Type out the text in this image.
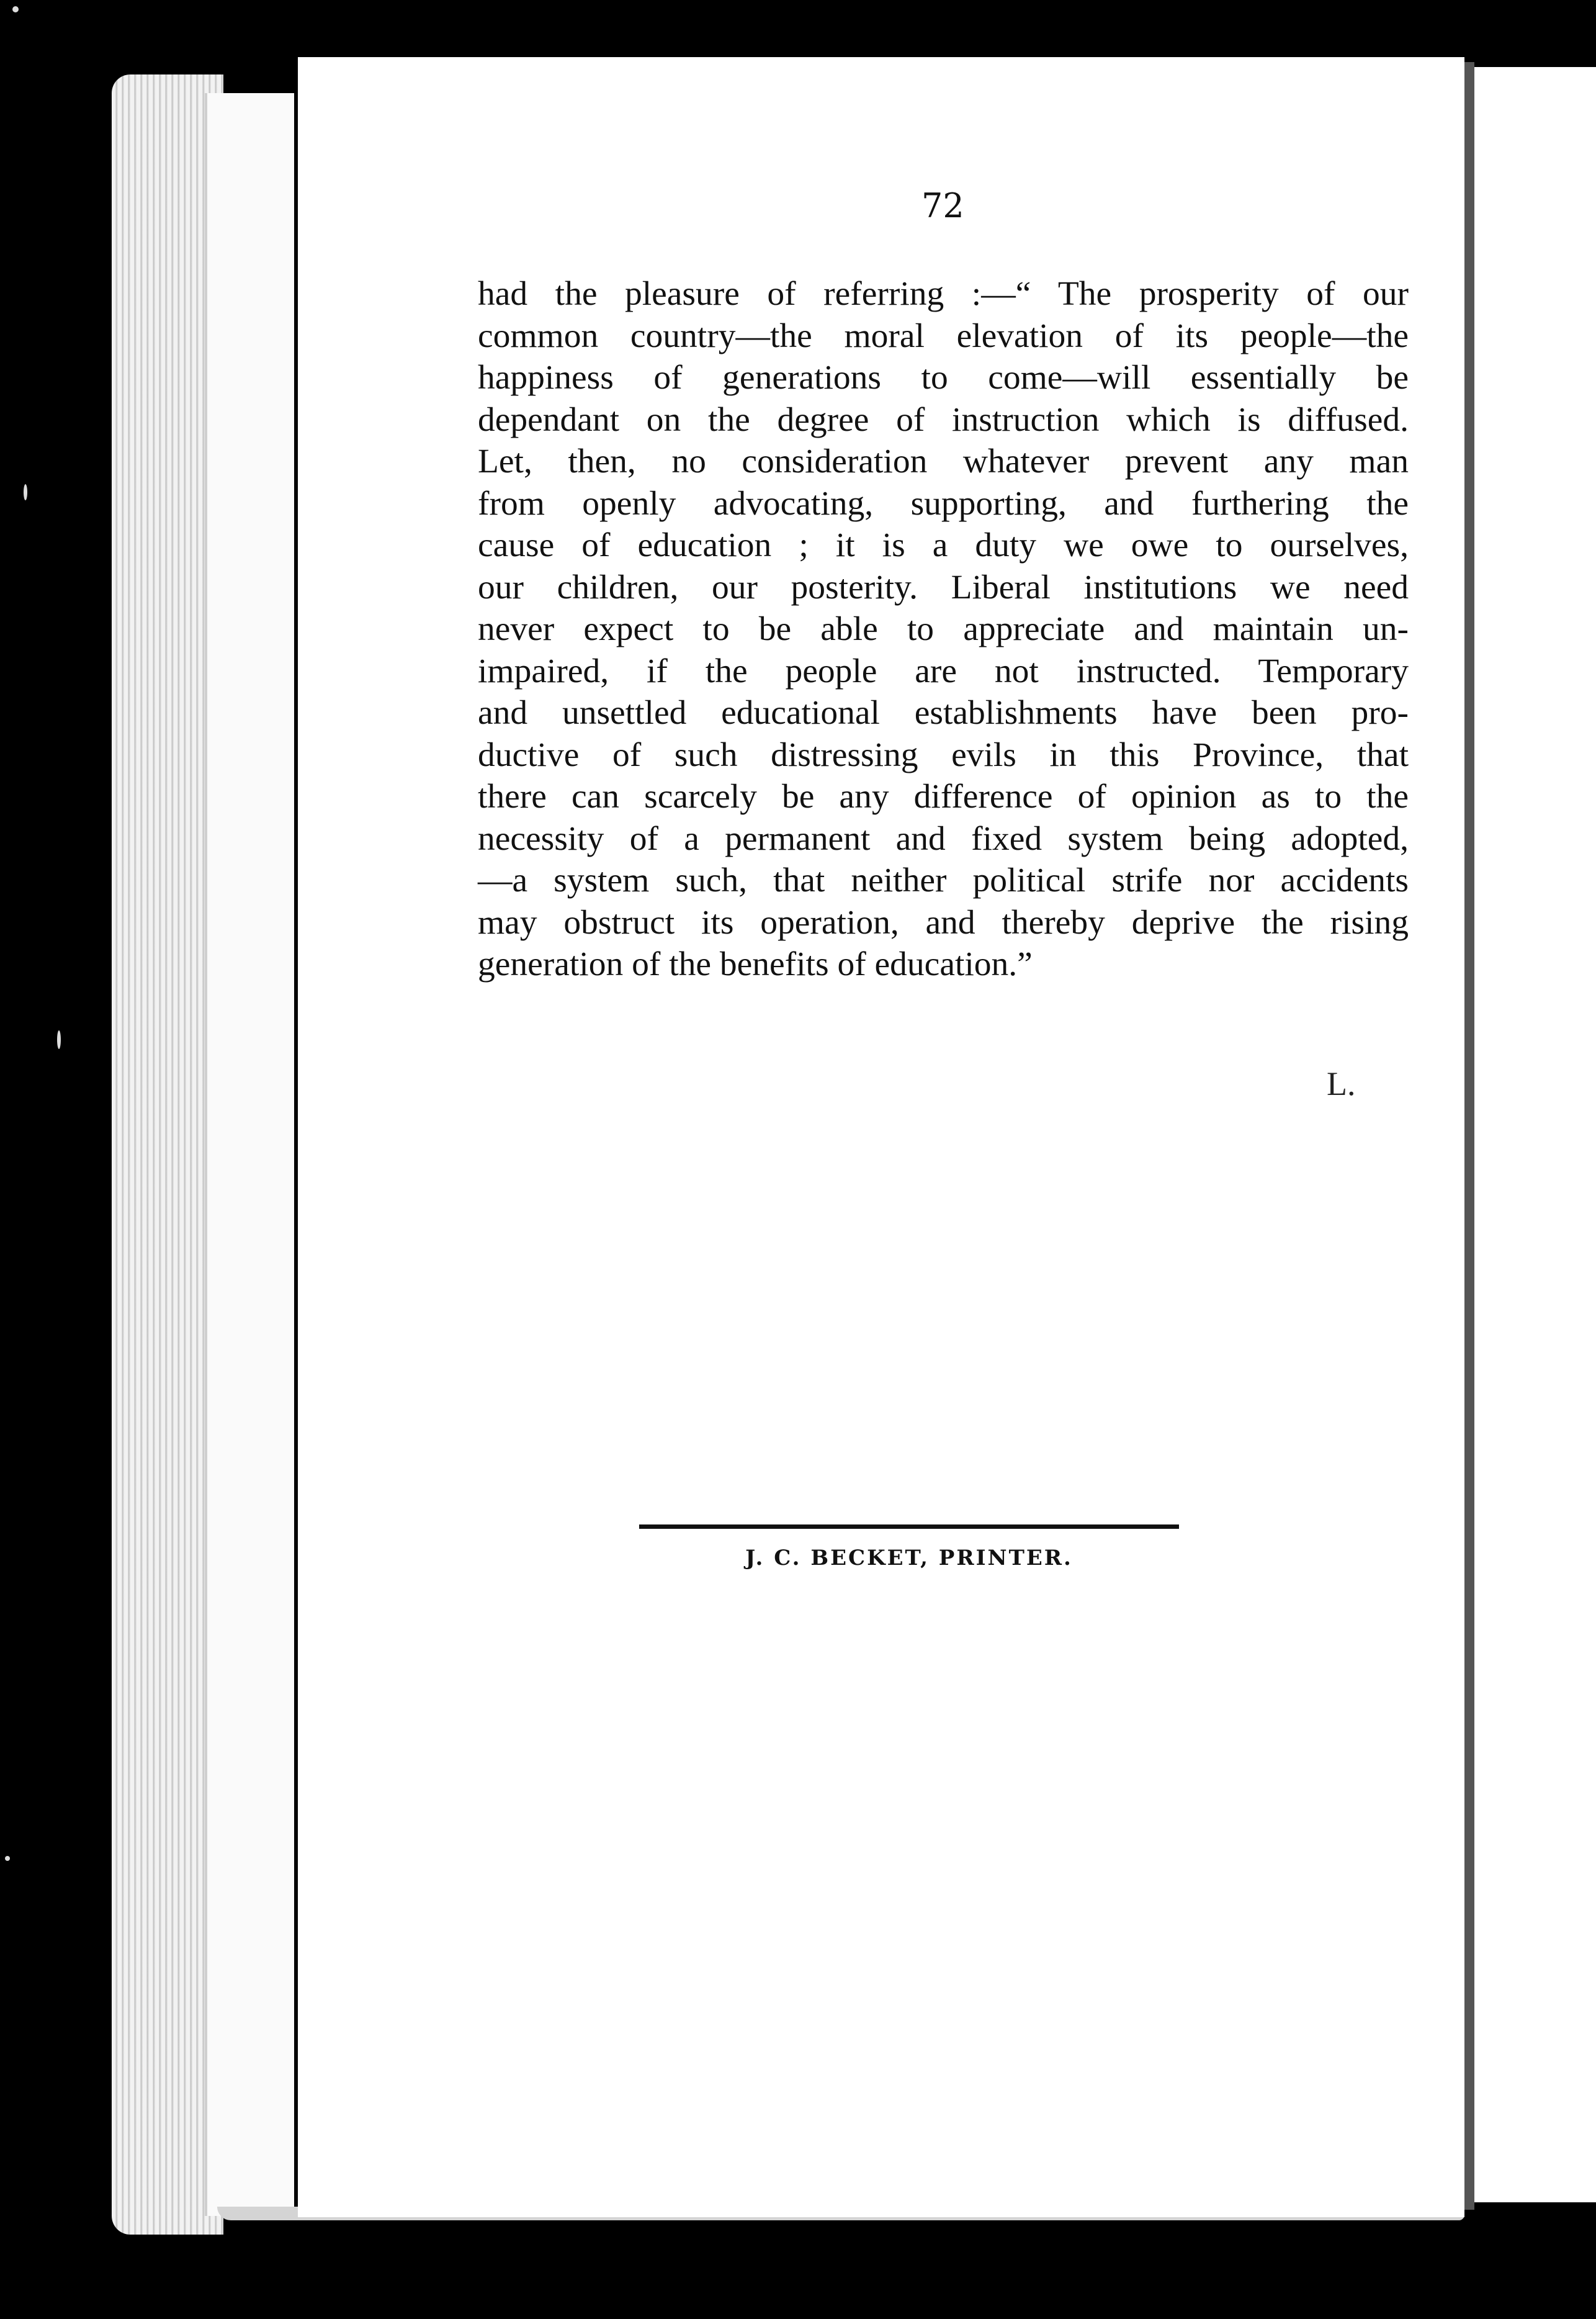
72
had the pleasure of referring :—“ The prosperity of our
common country—the moral elevation of its people—the
happiness of generations to come—will essentially be
dependant on the degree of instruction which is diffused.
Let, then, no consideration whatever prevent any man
from openly advocating, supporting, and furthering the
cause of education ; it is a duty we owe to ourselves,
our children, our posterity. Liberal institutions we need
never expect to be able to appreciate and maintain un-
impaired, if the people are not instructed. Temporary
and unsettled educational establishments have been pro-
ductive of such distressing evils in this Province, that
there can scarcely be any difference of opinion as to the
necessity of a permanent and fixed system being adopted,
—a system such, that neither political strife nor accidents
may obstruct its operation, and thereby deprive the rising
generation of the benefits of education.”
L.
J. C. BECKET, PRINTER.
